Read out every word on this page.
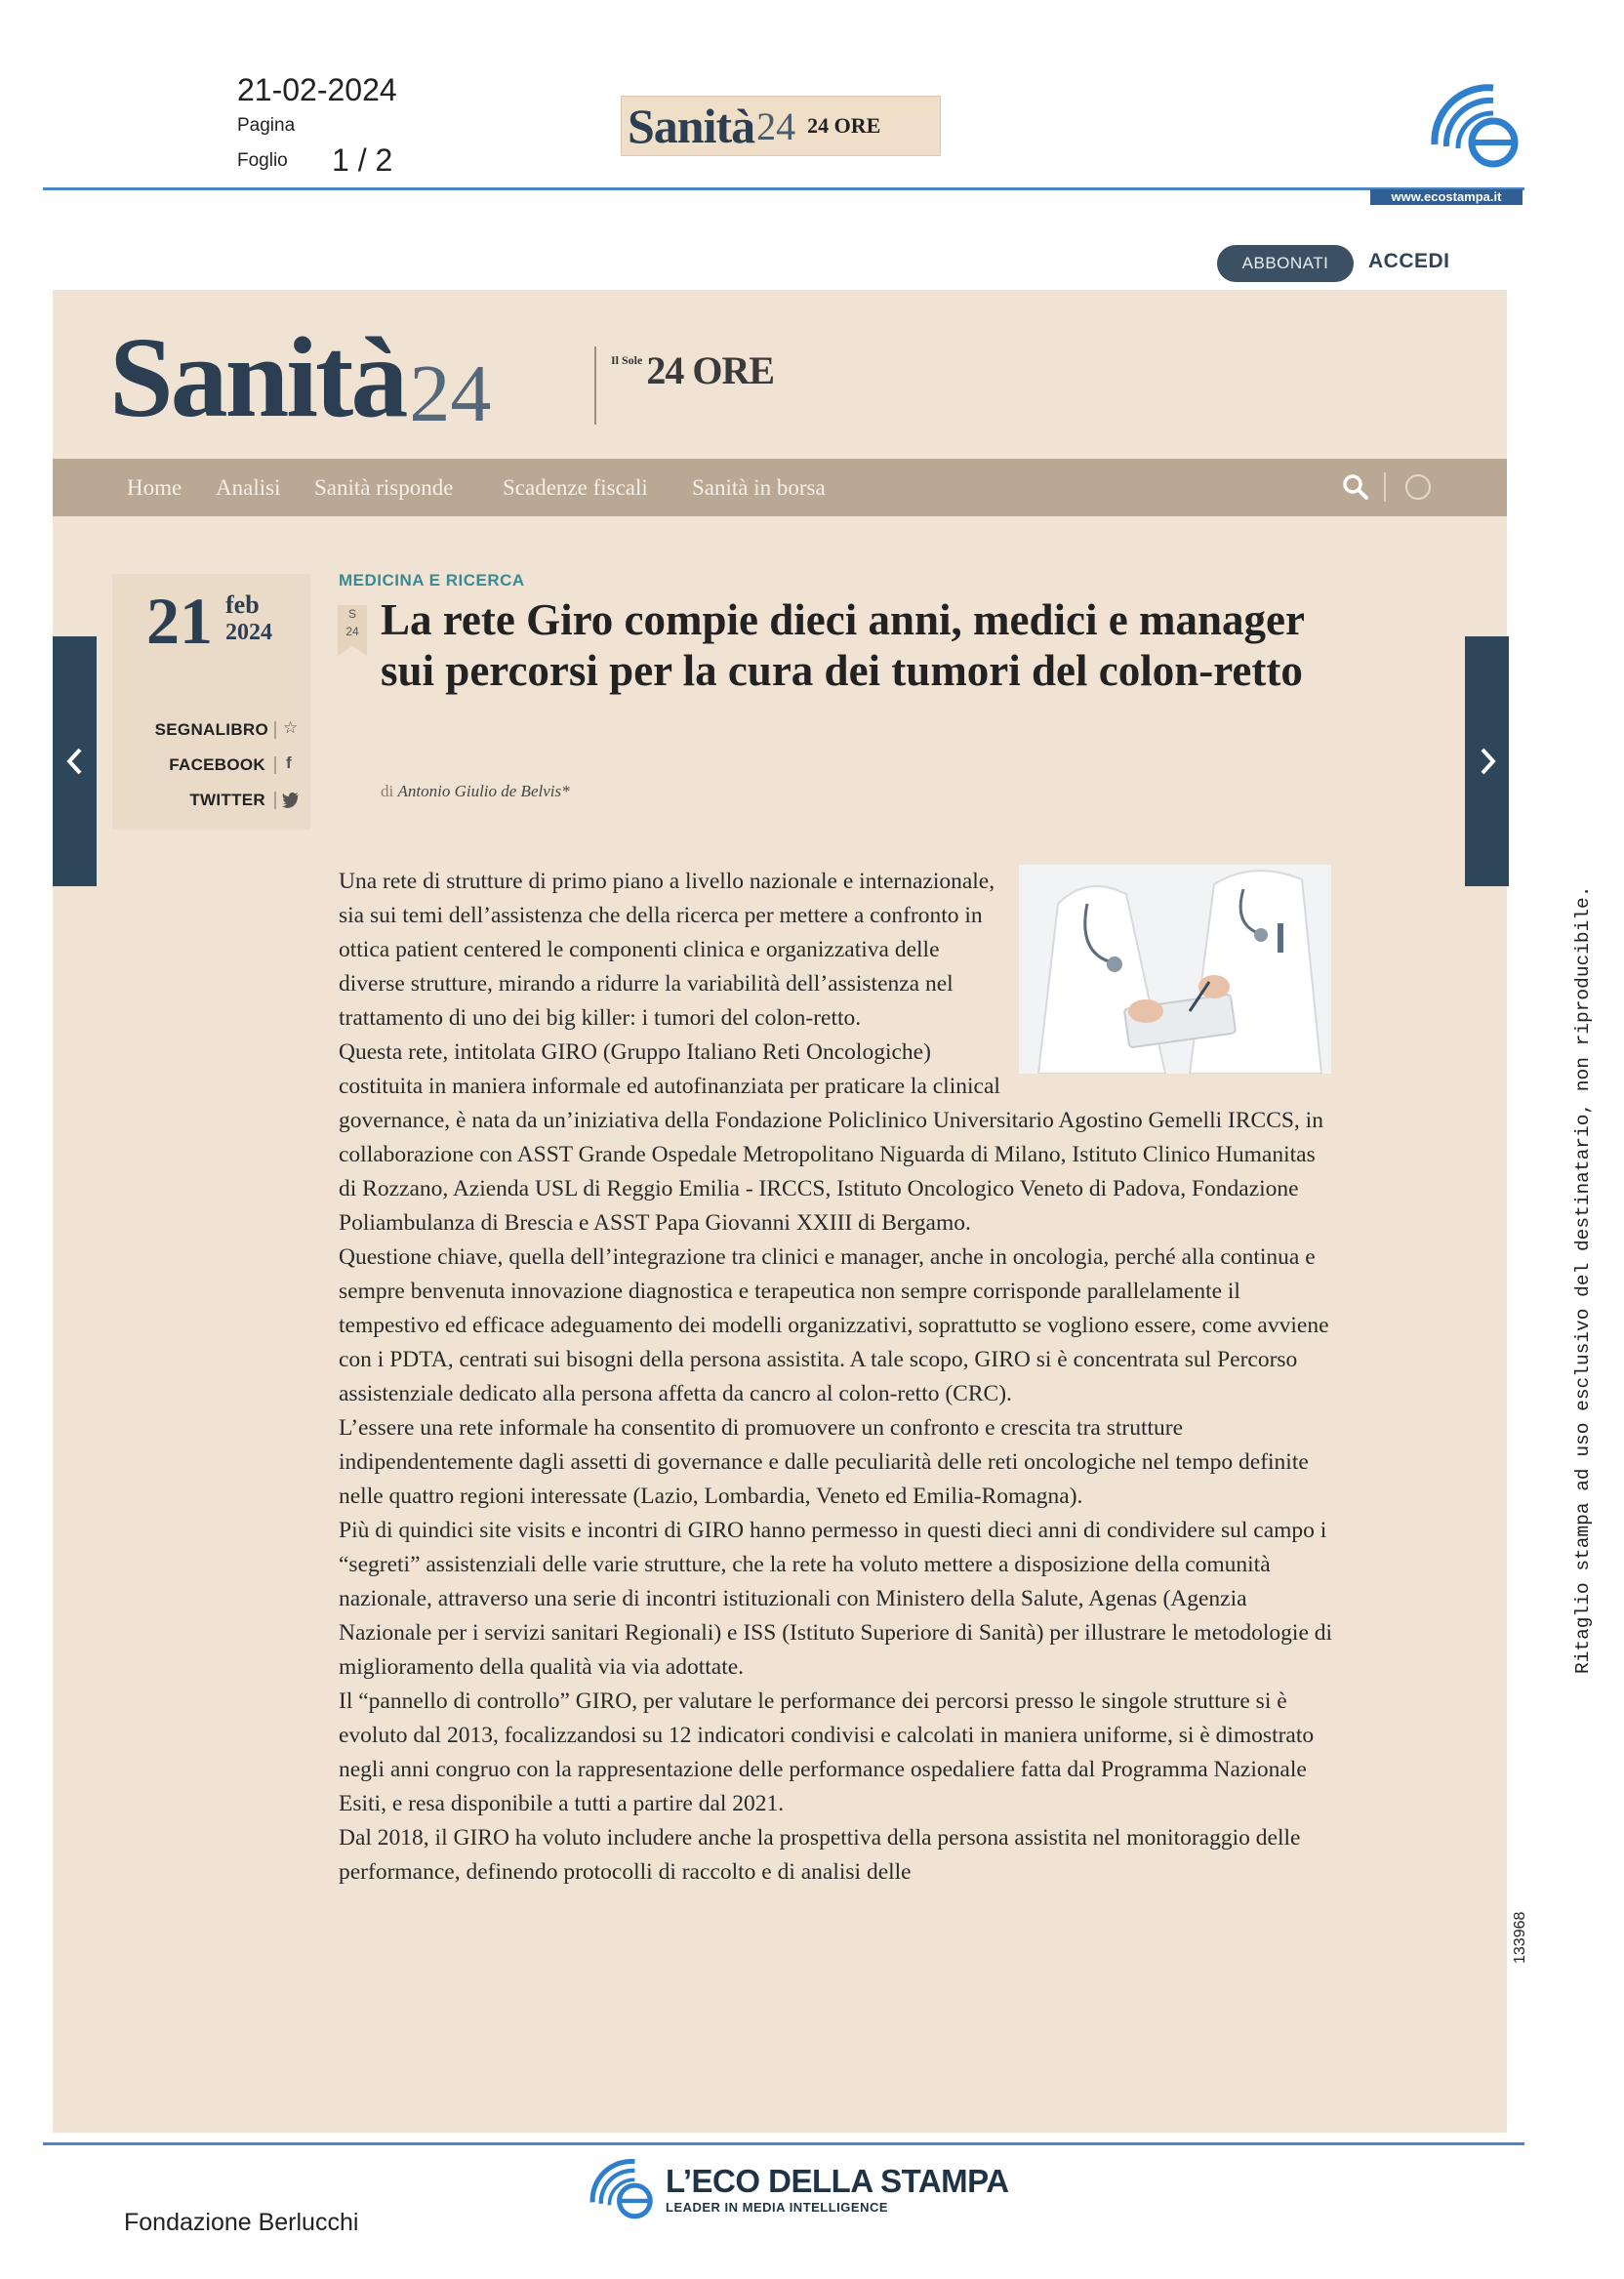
21-02-2024
Pagina
Foglio 1 / 2
Sanità 24 24 ORE
www.ecostampa.it
ABBONATI	ACCEDI
Sanità 24	Il Sole 24 ORE
Home Analisi Sanità risponde Scadenze fiscali Sanità in borsa
21 feb
2024
SEGNALIBRO ☆
FACEBOOK f
TWITTER
MEDICINA E RICERCA
S
24 La rete Giro compie dieci anni, medici e manager sui percorsi per la cura dei tumori del colon-retto
di Antonio Giulio de Belvis*

Una rete di strutture di primo piano a livello nazionale e internazionale, sia sui temi dell’assistenza che della ricerca per mettere a confronto in ottica patient centered le componenti clinica e organizzativa delle diverse strutture, mirando a ridurre la variabilità dell’assistenza nel trattamento di uno dei big killer: i tumori del colon-retto.

Questa rete, intitolata GIRO (Gruppo Italiano Reti Oncologiche) costituita in maniera informale ed autofinanziata per praticare la clinical governance, è nata da un’iniziativa della Fondazione Policlinico Universitario Agostino Gemelli IRCCS, in collaborazione con ASST Grande Ospedale Metropolitano Niguarda di Milano, Istituto Clinico Humanitas di Rozzano, Azienda USL di Reggio Emilia - IRCCS, Istituto Oncologico Veneto di Padova, Fondazione Poliambulanza di Brescia e ASST Papa Giovanni XXIII di Bergamo.

Questione chiave, quella dell’integrazione tra clinici e manager, anche in oncologia, perché alla continua e sempre benvenuta innovazione diagnostica e terapeutica non sempre corrisponde parallelamente il tempestivo ed efficace adeguamento dei modelli organizzativi, soprattutto se vogliono essere, come avviene con i PDTA, centrati sui bisogni della persona assistita. A tale scopo, GIRO si è concentrata sul Percorso assistenziale dedicato alla persona affetta da cancro al colon-retto (CRC).

L’essere una rete informale ha consentito di promuovere un confronto e crescita tra strutture indipendentemente dagli assetti di governance e dalle peculiarità delle reti oncologiche nel tempo definite nelle quattro regioni interessate (Lazio, Lombardia, Veneto ed Emilia-Romagna).

Più di quindici site visits e incontri di GIRO hanno permesso in questi dieci anni di condividere sul campo i “segreti” assistenziali delle varie strutture, che la rete ha voluto mettere a disposizione della comunità nazionale, attraverso una serie di incontri istituzionali con Ministero della Salute, Agenas (Agenzia Nazionale per i servizi sanitari Regionali) e ISS (Istituto Superiore di Sanità) per illustrare le metodologie di miglioramento della qualità via via adottate.

Il “pannello di controllo” GIRO, per valutare le performance dei percorsi presso le singole strutture si è evoluto dal 2013, focalizzandosi su 12 indicatori condivisi e calcolati in maniera uniforme, si è dimostrato negli anni congruo con la rappresentazione delle performance ospedaliere fatta dal Programma Nazionale Esiti, e resa disponibile a tutti a partire dal 2021.

Dal 2018, il GIRO ha voluto includere anche la prospettiva della persona assistita nel monitoraggio delle performance, definendo protocolli di raccolto e di analisi delle

L’ECO DELLA STAMPA
LEADER IN MEDIA INTELLIGENCE
Fondazione Berlucchi
Ritaglio stampa ad uso esclusivo del destinatario, non riproducibile.
133968
